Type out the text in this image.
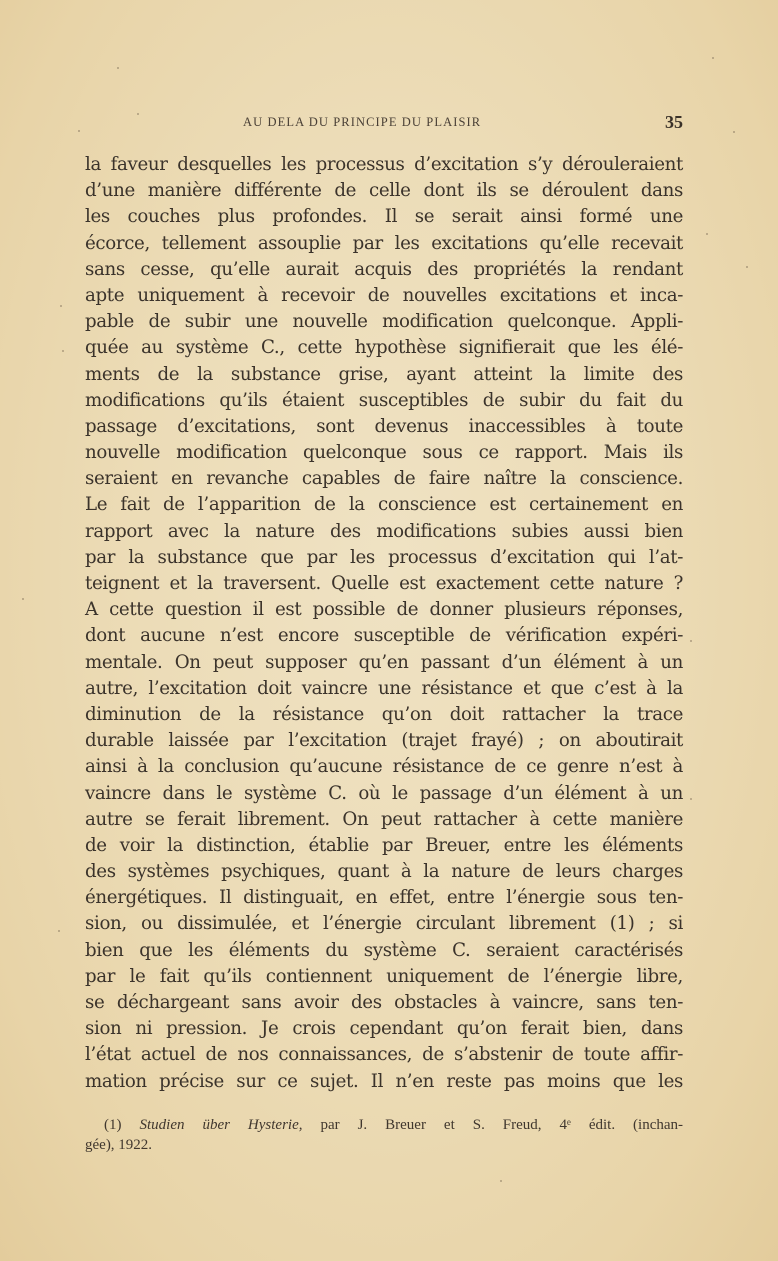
AU DELA DU PRINCIPE DU PLAISIR	35
la faveur desquelles les processus d’excitation s’y dérouleraient
d’une manière différente de celle dont ils se déroulent dans
les couches plus profondes. Il se serait ainsi formé une
écorce, tellement assouplie par les excitations qu’elle recevait
sans cesse, qu’elle aurait acquis des propriétés la rendant
apte uniquement à recevoir de nouvelles excitations et inca-
pable de subir une nouvelle modification quelconque. Appli-
quée au système C., cette hypothèse signifierait que les élé-
ments de la substance grise, ayant atteint la limite des
modifications qu’ils étaient susceptibles de subir du fait du
passage d’excitations, sont devenus inaccessibles à toute
nouvelle modification quelconque sous ce rapport. Mais ils
seraient en revanche capables de faire naître la conscience.
Le fait de l’apparition de la conscience est certainement en
rapport avec la nature des modifications subies aussi bien
par la substance que par les processus d’excitation qui l’at-
teignent et la traversent. Quelle est exactement cette nature ?
A cette question il est possible de donner plusieurs réponses,
dont aucune n’est encore susceptible de vérification expéri-
mentale. On peut supposer qu’en passant d’un élément à un
autre, l’excitation doit vaincre une résistance et que c’est à la
diminution de la résistance qu’on doit rattacher la trace
durable laissée par l’excitation (trajet frayé) ; on aboutirait
ainsi à la conclusion qu’aucune résistance de ce genre n’est à
vaincre dans le système C. où le passage d’un élément à un
autre se ferait librement. On peut rattacher à cette manière
de voir la distinction, établie par Breuer, entre les éléments
des systèmes psychiques, quant à la nature de leurs charges
énergétiques. Il distinguait, en effet, entre l’énergie sous ten-
sion, ou dissimulée, et l’énergie circulant librement (1) ; si
bien que les éléments du système C. seraient caractérisés
par le fait qu’ils contiennent uniquement de l’énergie libre,
se déchargeant sans avoir des obstacles à vaincre, sans ten-
sion ni pression. Je crois cependant qu’on ferait bien, dans
l’état actuel de nos connaissances, de s’abstenir de toute affir-
mation précise sur ce sujet. Il n’en reste pas moins que les
(1) Studien über Hysterie, par J. Breuer et S. Freud, 4ᵉ édit. (inchan-
gée), 1922.
